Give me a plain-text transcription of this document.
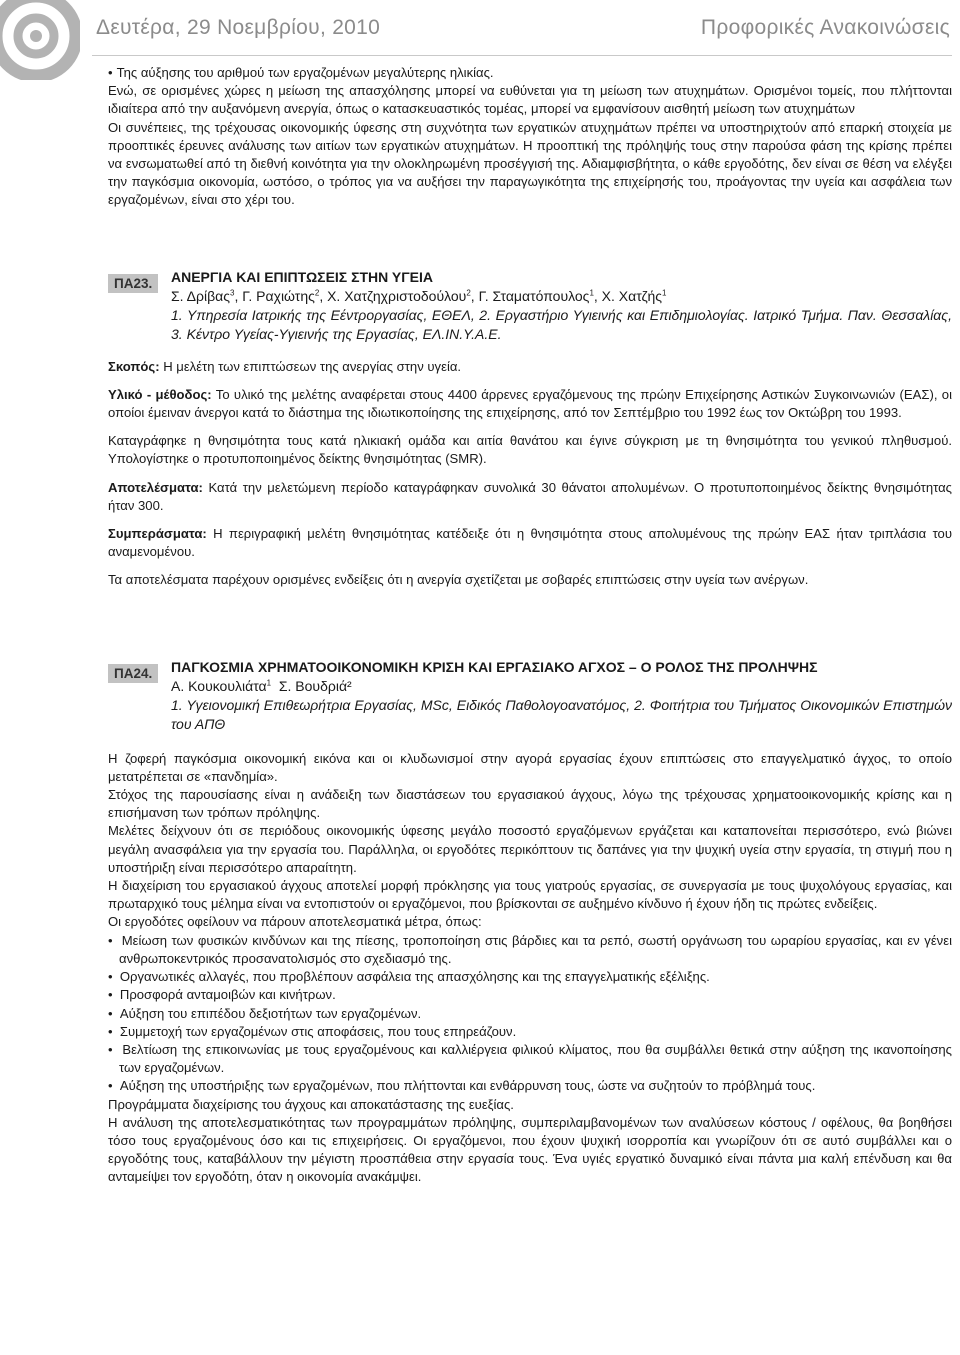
Δευτέρα, 29 Νοεμβρίου, 2010	Προφορικές Ανακοινώσεις

• Της αύξησης του αριθμού των εργαζομένων μεγαλύτερης ηλικίας.

Ενώ, σε ορισμένες χώρες η μείωση της απασχόλησης μπορεί να ευθύνεται για τη μείωση των ατυχημάτων. Ορισμένοι τομείς, που πλήττονται ιδιαίτερα από την αυξανόμενη ανεργία, όπως ο κατασκευαστικός τομέας, μπορεί να εμφανίσουν αισθητή μείωση των ατυχημάτων

Οι συνέπειες, της τρέχουσας οικονομικής ύφεσης στη συχνότητα των εργατικών ατυχημάτων πρέπει να υποστηριχτούν από επαρκή στοιχεία με προοπτικές έρευνες ανάλυσης των αιτίων των εργατικών ατυχημάτων. Η προοπτική της πρόληψής τους στην παρούσα φάση της κρίσης πρέπει να ενσωματωθεί από τη διεθνή κοινότητα για την ολοκληρωμένη προσέγγισή της. Αδιαμφισβήτητα, ο κάθε εργοδότης, δεν είναι σε θέση να ελέγξει την παγκόσμια οικονομία, ωστόσο, ο τρόπος για να αυξήσει την παραγωγικότητα της επιχείρησής του, προάγοντας την υγεία και ασφάλεια των εργαζομένων, είναι στο χέρι του.

ΠΑ23.	ΑΝΕΡΓΙΑ ΚΑΙ ΕΠΙΠΤΩΣΕΙΣ ΣΤΗΝ ΥΓΕΙΑ
Σ. Δρίβας$^3$, Γ. Ραχιώτης$^2$, Χ. Χατζηχριστοδούλου$^2$, Γ. Σταματόπουλος$^1$, Χ. Χατζής$^1$
1. Υπηρεσία Ιατρικής της Εέντρoργασίας, ΕΘΕΛ, 2. Εργαστήριο Υγιεινής και Επιδημιολογίας. Ιατρικό Τμήμα. Παν. Θεσσαλίας, 3. Κέντρο Υγείας-Υγιεινής της Εργασίας, ΕΛ.ΙΝ.Υ.Α.Ε.

Σκοπός: Η μελέτη των επιπτώσεων της ανεργίας στην υγεία.

Υλικό - μέθοδος: Το υλικό της μελέτης αναφέρεται στους 4400 άρρενες εργαζόμενους της πρώην Επιχείρησης Αστικών Συγκοινωνιών (ΕΑΣ), οι οποίοι έμειναν άνεργοι κατά το διάστημα της ιδιωτικοποίησης της επιχείρησης, από τον Σεπτέμβριο του 1992 έως τον Οκτώβρη του 1993.

Καταγράφηκε η θνησιμότητα τους κατά ηλικιακή ομάδα και αιτία θανάτου και έγινε σύγκριση με τη θνησιμότητα του γενικού πληθυσμού. Υπολογίστηκε ο προτυποποιημένος δείκτης θνησιμότητας (SMR).

Αποτελέσματα: Κατά την μελετώμενη περίοδο καταγράφηκαν συνολικά 30 θάνατοι απολυμένων. Ο προτυποποιημένος δείκτης θνησιμότητας ήταν 300.

Συμπεράσματα: Η περιγραφική μελέτη θνησιμότητας κατέδειξε ότι η θνησιμότητα στους απολυμένους της πρώην ΕΑΣ ήταν τριπλάσια του αναμενομένου.

Τα αποτελέσματα παρέχουν ορισμένες ενδείξεις ότι η ανεργία σχετίζεται με σοβαρές επιπτώσεις στην υγεία των ανέργων.

ΠΑ24.	ΠΑΓΚΟΣΜΙΑ ΧΡΗΜΑΤΟΟΙΚΟΝΟΜΙΚΗ ΚΡΙΣΗ ΚΑΙ ΕΡΓΑΣΙΑΚΟ ΑΓΧΟΣ – Ο ΡΟΛΟΣ ΤΗΣ ΠΡΟΛΗΨΗΣ
Α. Κουκουλιάτα$^1$ Σ. Βουδριά²
1. Υγειονομική Επιθεωρήτρια Εργασίας, MSc, Ειδικός Παθολογοανατόμος, 2. Φοιτήτρια του Τμήματος Οικονομικών Επιστημών του ΑΠΘ

Η ζοφερή παγκόσμια οικονομική εικόνα και οι κλυδωνισμοί στην αγορά εργασίας έχουν επιπτώσεις στο επαγγελματικό άγχος, το οποίο μετατρέπεται σε «πανδημία».

Στόχος της παρουσίασης είναι η ανάδειξη των διαστάσεων του εργασιακού άγχους, λόγω της τρέχουσας χρηματοοικονομικής κρίσης και η επισήμανση των τρόπων πρόληψης.

Μελέτες δείχνουν ότι σε περιόδους οικονομικής ύφεσης μεγάλο ποσοστό εργαζόμενων εργάζεται και καταπονείται περισσότερο, ενώ βιώνει μεγάλη ανασφάλεια για την εργασία του. Παράλληλα, οι εργοδότες περικόπτουν τις δαπάνες για την ψυχική υγεία στην εργασία, τη στιγμή που η υποστήριξη είναι περισσότερο απαραίτητη.

Η διαχείριση του εργασιακού άγχους αποτελεί μορφή πρόκλησης για τους γιατρούς εργασίας, σε συνεργασία με τους ψυχολόγους εργασίας, και πρωταρχικό τους μέλημα είναι να εντοπιστούν οι εργαζόμενοι, που βρίσκονται σε αυξημένο κίνδυνο ή έχουν ήδη τις πρώτες ενδείξεις.

Οι εργοδότες οφείλουν να πάρουν αποτελεσματικά μέτρα, όπως:

•  Μείωση των φυσικών κινδύνων και της πίεσης, τροποποίηση στις βάρδιες και τα ρεπό, σωστή οργάνωση του ωραρίου εργασίας, και εν γένει ανθρωποκεντρικός προσανατολισμός στο σχεδιασμό της.

•  Οργανωτικές αλλαγές, που προβλέπουν ασφάλεια της απασχόλησης και της επαγγελματικής εξέλιξης.

•  Προσφορά ανταμοιβών και κινήτρων.

•  Αύξηση του επιπέδου δεξιοτήτων των εργαζομένων.

•  Συμμετοχή των εργαζομένων στις αποφάσεις, που τους επηρεάζουν.

•  Βελτίωση της επικοινωνίας με τους εργαζομένους και καλλιέργεια φιλικού κλίματος, που θα συμβάλλει θετικά στην αύξηση της ικανοποίησης των εργαζομένων.

•  Αύξηση της υποστήριξης των εργαζομένων, που πλήττονται και ενθάρρυνση τους, ώστε να συζητούν το πρόβλημά τους.

Προγράμματα διαχείρισης του άγχους και αποκατάστασης της ευεξίας.

Η ανάλυση της αποτελεσματικότητας των προγραμμάτων πρόληψης, συμπεριλαμβανομένων των αναλύσεων κόστους / οφέλους, θα βοηθήσει τόσο τους εργαζομένους όσο και τις επιχειρήσεις. Οι εργαζόμενοι, που έχουν ψυχική ισορροπία και γνωρίζουν ότι σε αυτό συμβάλλει και ο εργοδότης τους, καταβάλλουν την μέγιστη προσπάθεια στην εργασία τους. Ένα υγιές εργατικό δυναμικό είναι πάντα μια καλή επένδυση και θα ανταμείψει τον εργοδότη, όταν η οικονομία ανακάμψει.
